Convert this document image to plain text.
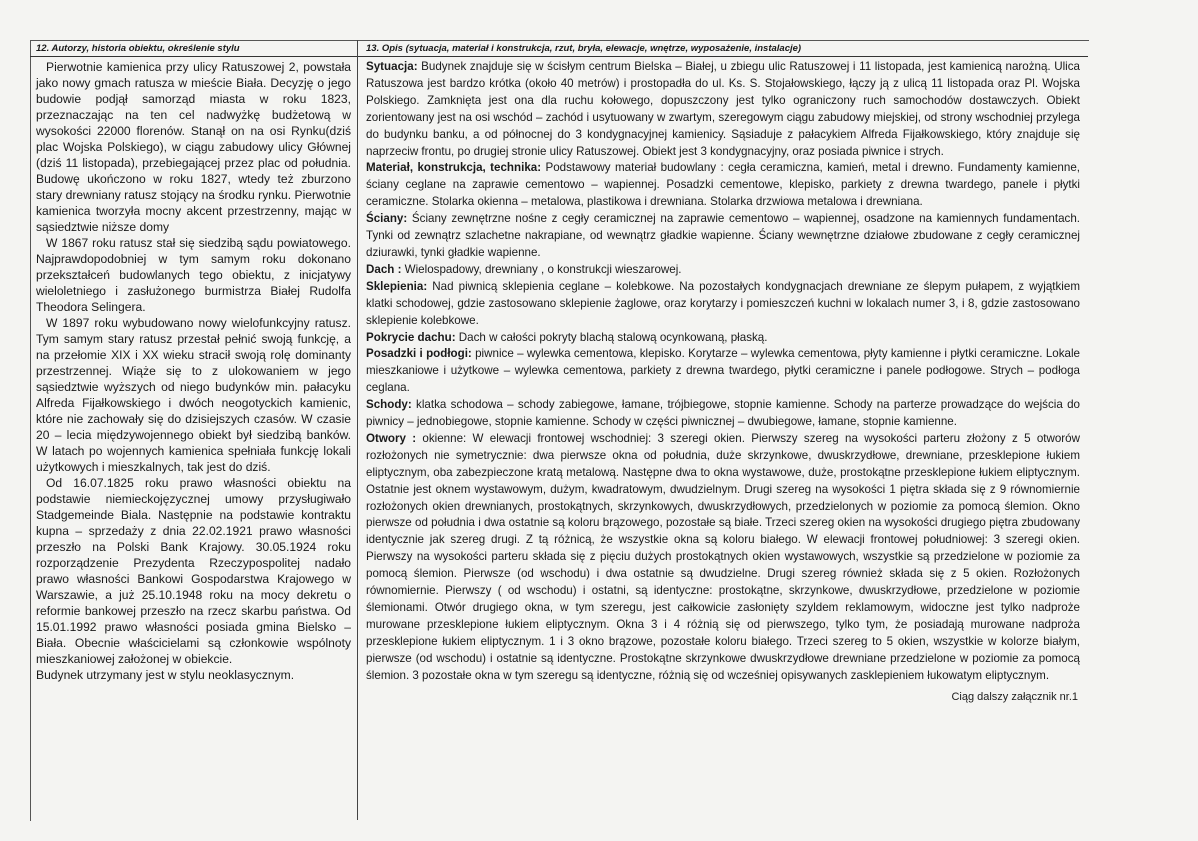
12. Autorzy, historia obiektu, określenie stylu

Pierwotnie kamienica przy ulicy Ratuszowej 2, powstała jako nowy gmach ratusza w mieście Biała. Decyzję o jego budowie podjął samorząd miasta w roku 1823, przeznaczając na ten cel nadwyżkę budżetową w wysokości 22000 florenów. Stanął on na osi Rynku(dziś plac Wojska Polskiego), w ciągu zabudowy ulicy Głównej (dziś 11 listopada), przebiegającej przez plac od południa. Budowę ukończono w roku 1827, wtedy też zburzono stary drewniany ratusz stojący na środku rynku. Pierwotnie kamienica tworzyła mocny akcent przestrzenny, mając w sąsiedztwie niższe domy

W 1867 roku ratusz stał się siedzibą sądu powiatowego. Najprawdopodobniej w tym samym roku dokonano przekształceń budowlanych tego obiektu, z inicjatywy wieloletniego i zasłużonego burmistrza Białej Rudolfa Theodora Selingera.

W 1897 roku wybudowano nowy wielofunkcyjny ratusz. Tym samym stary ratusz przestał pełnić swoją funkcję, a na przełomie XIX i XX wieku stracił swoją rolę dominanty przestrzennej. Wiąże się to z ulokowaniem w jego sąsiedztwie wyższych od niego budynków min. pałacyku Alfreda Fijałkowskiego i dwóch neogotyckich kamienic, które nie zachowały się do dzisiejszych czasów. W czasie 20 – lecia międzywojennego obiekt był siedzibą banków. W latach po wojennych kamienica spełniała funkcję lokali użytkowych i mieszkalnych, tak jest do dziś.

Od 16.07.1825 roku prawo własności obiektu na podstawie niemieckojęzycznej umowy przysługiwało Stadgemeinde Biala. Następnie na podstawie kontraktu kupna – sprzedaży z dnia 22.02.1921 prawo własności przeszło na Polski Bank Krajowy. 30.05.1924 roku rozporządzenie Prezydenta Rzeczypospolitej nadało prawo własności Bankowi Gospodarstwa Krajowego w Warszawie, a już 25.10.1948 roku na mocy dekretu o reformie bankowej przeszło na rzecz skarbu państwa. Od 15.01.1992 prawo własności posiada gmina Bielsko – Biała. Obecnie właścicielami są członkowie wspólnoty mieszkaniowej założonej w obiekcie.

Budynek utrzymany jest w stylu neoklasycznym.

13. Opis (sytuacja, materiał i konstrukcja, rzut, bryła, elewacje, wnętrze, wyposażenie, instalacje)

Sytuacja: Budynek znajduje się w ścisłym centrum Bielska – Białej, u zbiegu ulic Ratuszowej i 11 listopada, jest kamienicą narożną. Ulica Ratuszowa jest bardzo krótka (około 40 metrów) i prostopadła do ul. Ks. S. Stojałowskiego, łączy ją z ulicą 11 listopada oraz Pl. Wojska Polskiego. Zamknięta jest ona dla ruchu kołowego, dopuszczony jest tylko ograniczony ruch samochodów dostawczych. Obiekt zorientowany jest na osi wschód – zachód i usytuowany w zwartym, szeregowym ciągu zabudowy miejskiej, od strony wschodniej przylega do budynku banku, a od północnej do 3 kondygnacyjnej kamienicy. Sąsiaduje z pałacykiem Alfreda Fijałkowskiego, który znajduje się naprzeciw frontu, po drugiej stronie ulicy Ratuszowej. Obiekt jest 3 kondygnacyjny, oraz posiada piwnice i strych.

Materiał, konstrukcja, technika: Podstawowy materiał budowlany : cegła ceramiczna, kamień, metal i drewno. Fundamenty kamienne, ściany ceglane na zaprawie cementowo – wapiennej. Posadzki cementowe, klepisko, parkiety z drewna twardego, panele i płytki ceramiczne. Stolarka okienna – metalowa, plastikowa i drewniana. Stolarka drzwiowa metalowa i drewniana.

Ściany: Ściany zewnętrzne nośne z cegły ceramicznej na zaprawie cementowo – wapiennej, osadzone na kamiennych fundamentach. Tynki od zewnątrz szlachetne nakrapiane, od wewnątrz gładkie wapienne. Ściany wewnętrzne działowe zbudowane z cegły ceramicznej dziurawki, tynki gładkie wapienne.

Dach : Wielospadowy, drewniany , o konstrukcji wieszarowej.

Sklepienia: Nad piwnicą sklepienia ceglane – kolebkowe. Na pozostałych kondygnacjach drewniane ze ślepym pułapem, z wyjątkiem klatki schodowej, gdzie zastosowano sklepienie żaglowe, oraz korytarzy i pomieszczeń kuchni w lokalach numer 3, i 8, gdzie zastosowano sklepienie kolebkowe.

Pokrycie dachu: Dach w całości pokryty blachą stalową ocynkowaną, płaską.

Posadzki i podłogi: piwnice – wylewka cementowa, klepisko. Korytarze – wylewka cementowa, płyty kamienne i płytki ceramiczne. Lokale mieszkaniowe i użytkowe – wylewka cementowa, parkiety z drewna twardego, płytki ceramiczne i panele podłogowe. Strych – podłoga ceglana.

Schody: klatka schodowa – schody zabiegowe, łamane, trójbiegowe, stopnie kamienne. Schody na parterze prowadzące do wejścia do piwnicy – jednobiegowe, stopnie kamienne. Schody w części piwnicznej – dwubiegowe, łamane, stopnie kamienne.

Otwory : okienne: W elewacji frontowej wschodniej: 3 szeregi okien. Pierwszy szereg na wysokości parteru złożony z 5 otworów rozłożonych nie symetrycznie: dwa pierwsze okna od południa, duże skrzynkowe, dwuskrzydłowe, drewniane, przesklepione łukiem eliptycznym, oba zabezpieczone kratą metalową. Następne dwa to okna wystawowe, duże, prostokątne przesklepione łukiem eliptycznym. Ostatnie jest oknem wystawowym, dużym, kwadratowym, dwudzielnym. Drugi szereg na wysokości 1 piętra składa się z 9 równomiernie rozłożonych okien drewnianych, prostokątnych, skrzynkowych, dwuskrzydłowych, przedzielonych w poziomie za pomocą ślemion. Okno pierwsze od południa i dwa ostatnie są koloru brązowego, pozostałe są białe. Trzeci szereg okien na wysokości drugiego piętra zbudowany identycznie jak szereg drugi. Z tą różnicą, że wszystkie okna są koloru białego. W elewacji frontowej południowej: 3 szeregi okien. Pierwszy na wysokości parteru składa się z pięciu dużych prostokątnych okien wystawowych, wszystkie są przedzielone w poziomie za pomocą ślemion. Pierwsze (od wschodu) i dwa ostatnie są dwudzielne. Drugi szereg również składa się z 5 okien. Rozłożonych równomiernie. Pierwszy ( od wschodu) i ostatni, są identyczne: prostokątne, skrzynkowe, dwuskrzydłowe, przedzielone w poziomie ślemionami. Otwór drugiego okna, w tym szeregu, jest całkowicie zasłonięty szyldem reklamowym, widoczne jest tylko nadproże murowane przesklepione łukiem eliptycznym. Okna 3 i 4 różnią się od pierwszego, tylko tym, że posiadają murowane nadproża przesklepione łukiem eliptycznym. 1 i 3 okno brązowe, pozostałe koloru białego. Trzeci szereg to 5 okien, wszystkie w kolorze białym, pierwsze (od wschodu) i ostatnie są identyczne. Prostokątne skrzynkowe dwuskrzydłowe drewniane przedzielone w poziomie za pomocą ślemion. 3 pozostałe okna w tym szeregu są identyczne, różnią się od wcześniej opisywanych zasklepieniem łukowatym eliptycznym.

Ciąg dalszy załącznik nr.1
